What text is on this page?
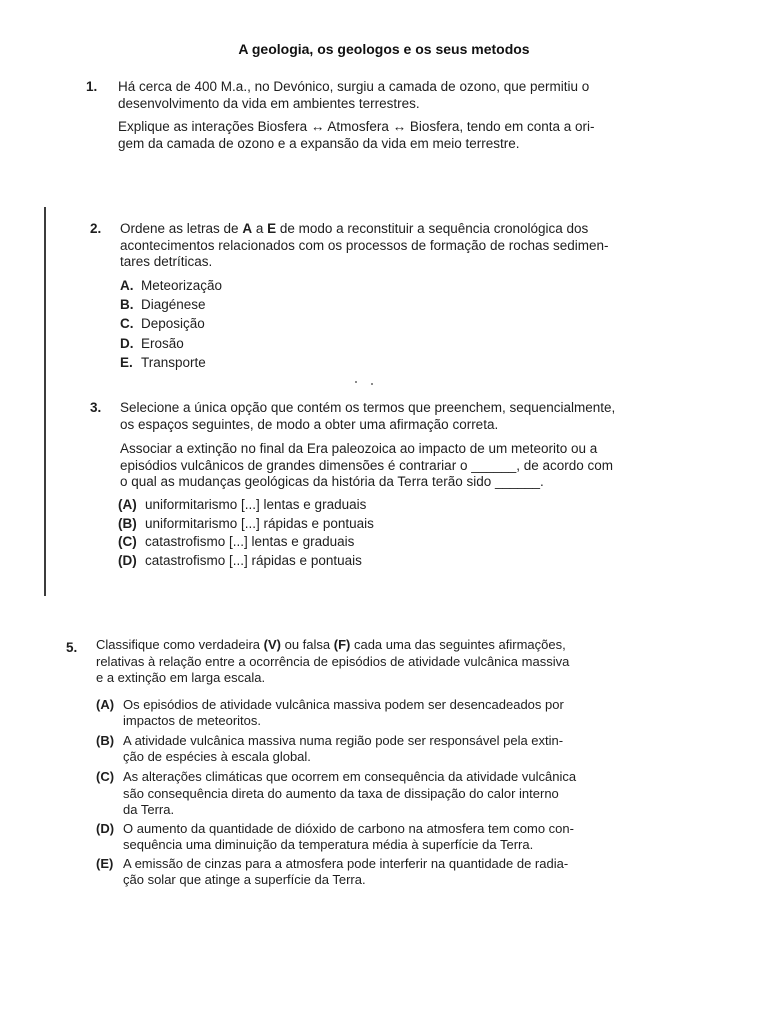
A geologia, os geologos e os seus metodos
1. Há cerca de 400 M.a., no Devónico, surgiu a camada de ozono, que permitiu o
desenvolvimento da vida em ambientes terrestres.
Explique as interações Biosfera ↔ Atmosfera ↔ Biosfera, tendo em conta a ori-
gem da camada de ozono e a expansão da vida em meio terrestre.
2. Ordene as letras de A a E de modo a reconstituir a sequência cronológica dos
acontecimentos relacionados com os processos de formação de rochas sedimen-
tares detríticas.
A. Meteorização
B. Diagénese
C. Deposição
D. Erosão
E. Transporte
3. Selecione a única opção que contém os termos que preenchem, sequencialmente,
os espaços seguintes, de modo a obter uma afirmação correta.
Associar a extinção no final da Era paleozoica ao impacto de um meteorito ou a
episódios vulcânicos de grandes dimensões é contrariar o ______, de acordo com
o qual as mudanças geológicas da história da Terra terão sido ______.
(A) uniformitarismo [...] lentas e graduais
(B) uniformitarismo [...] rápidas e pontuais
(C) catastrofismo [...] lentas e graduais
(D) catastrofismo [...] rápidas e pontuais
5. Classifique como verdadeira (V) ou falsa (F) cada uma das seguintes afirmações,
relativas à relação entre a ocorrência de episódios de atividade vulcânica massiva
e a extinção em larga escala.
(A) Os episódios de atividade vulcânica massiva podem ser desencadeados por
impactos de meteoritos.
(B) A atividade vulcânica massiva numa região pode ser responsável pela extin-
ção de espécies à escala global.
(C) As alterações climáticas que ocorrem em consequência da atividade vulcânica
são consequência direta do aumento da taxa de dissipação do calor interno
da Terra.
(D) O aumento da quantidade de dióxido de carbono na atmosfera tem como con-
sequência uma diminuição da temperatura média à superfície da Terra.
(E) A emissão de cinzas para a atmosfera pode interferir na quantidade de radia-
ção solar que atinge a superfície da Terra.
